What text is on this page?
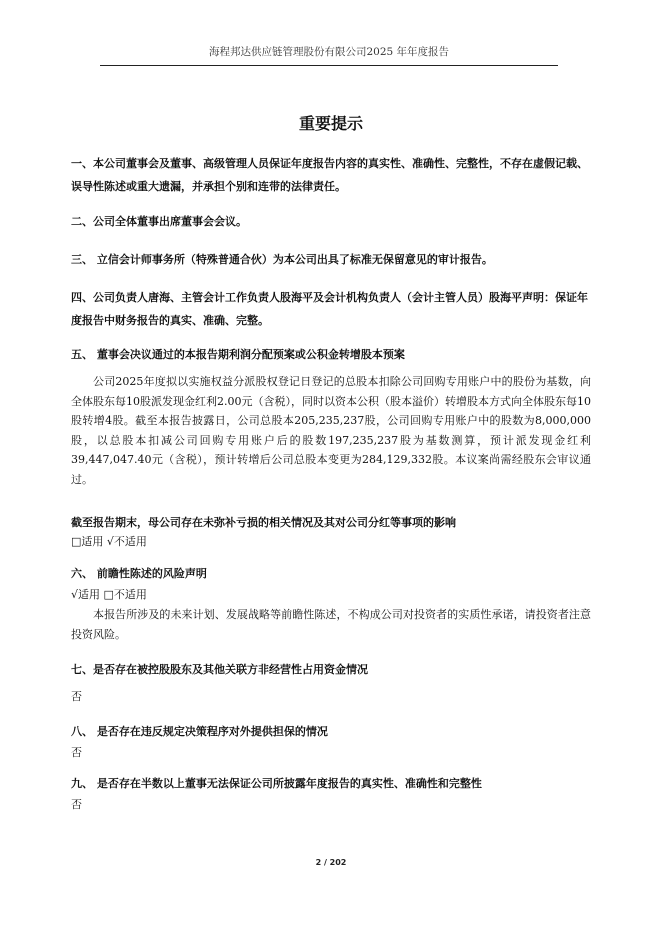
海程邦达供应链管理股份有限公司2025 年年度报告
重要提示
一、本公司董事会及董事、高级管理人员保证年度报告内容的真实性、准确性、完整性，不存在虚假记载、误导性陈述或重大遗漏，并承担个别和连带的法律责任。
二、公司全体董事出席董事会会议。
三、 立信会计师事务所（特殊普通合伙）为本公司出具了标准无保留意见的审计报告。
四、公司负责人唐海、主管会计工作负责人股海平及会计机构负责人（会计主管人员）股海平声明：保证年度报告中财务报告的真实、准确、完整。
五、 董事会决议通过的本报告期利润分配预案或公积金转增股本预案
公司2025年度拟以实施权益分派股权登记日登记的总股本扣除公司回购专用账户中的股份为基数，向全体股东每10股派发现金红利2.00元（含税），同时以资本公积（股本溢价）转增股本方式向全体股东每10股转增4股。截至本报告披露日，公司总股本205,235,237股，公司回购专用账户中的股数为8,000,000股，以总股本扣减公司回购专用账户后的股数197,235,237股为基数测算，预计派发现金红利39,447,047.40元（含税），预计转增后公司总股本变更为284,129,332股。本议案尚需经股东会审议通过。
截至报告期末，母公司存在未弥补亏损的相关情况及其对公司分红等事项的影响
□适用 √不适用
六、 前瞻性陈述的风险声明
√适用 □不适用
本报告所涉及的未来计划、发展战略等前瞻性陈述，不构成公司对投资者的实质性承诺，请投资者注意投资风险。
七、是否存在被控股股东及其他关联方非经营性占用资金情况
否
八、 是否存在违反规定决策程序对外提供担保的情况
否
九、 是否存在半数以上董事无法保证公司所披露年度报告的真实性、准确性和完整性
否
2 / 202
